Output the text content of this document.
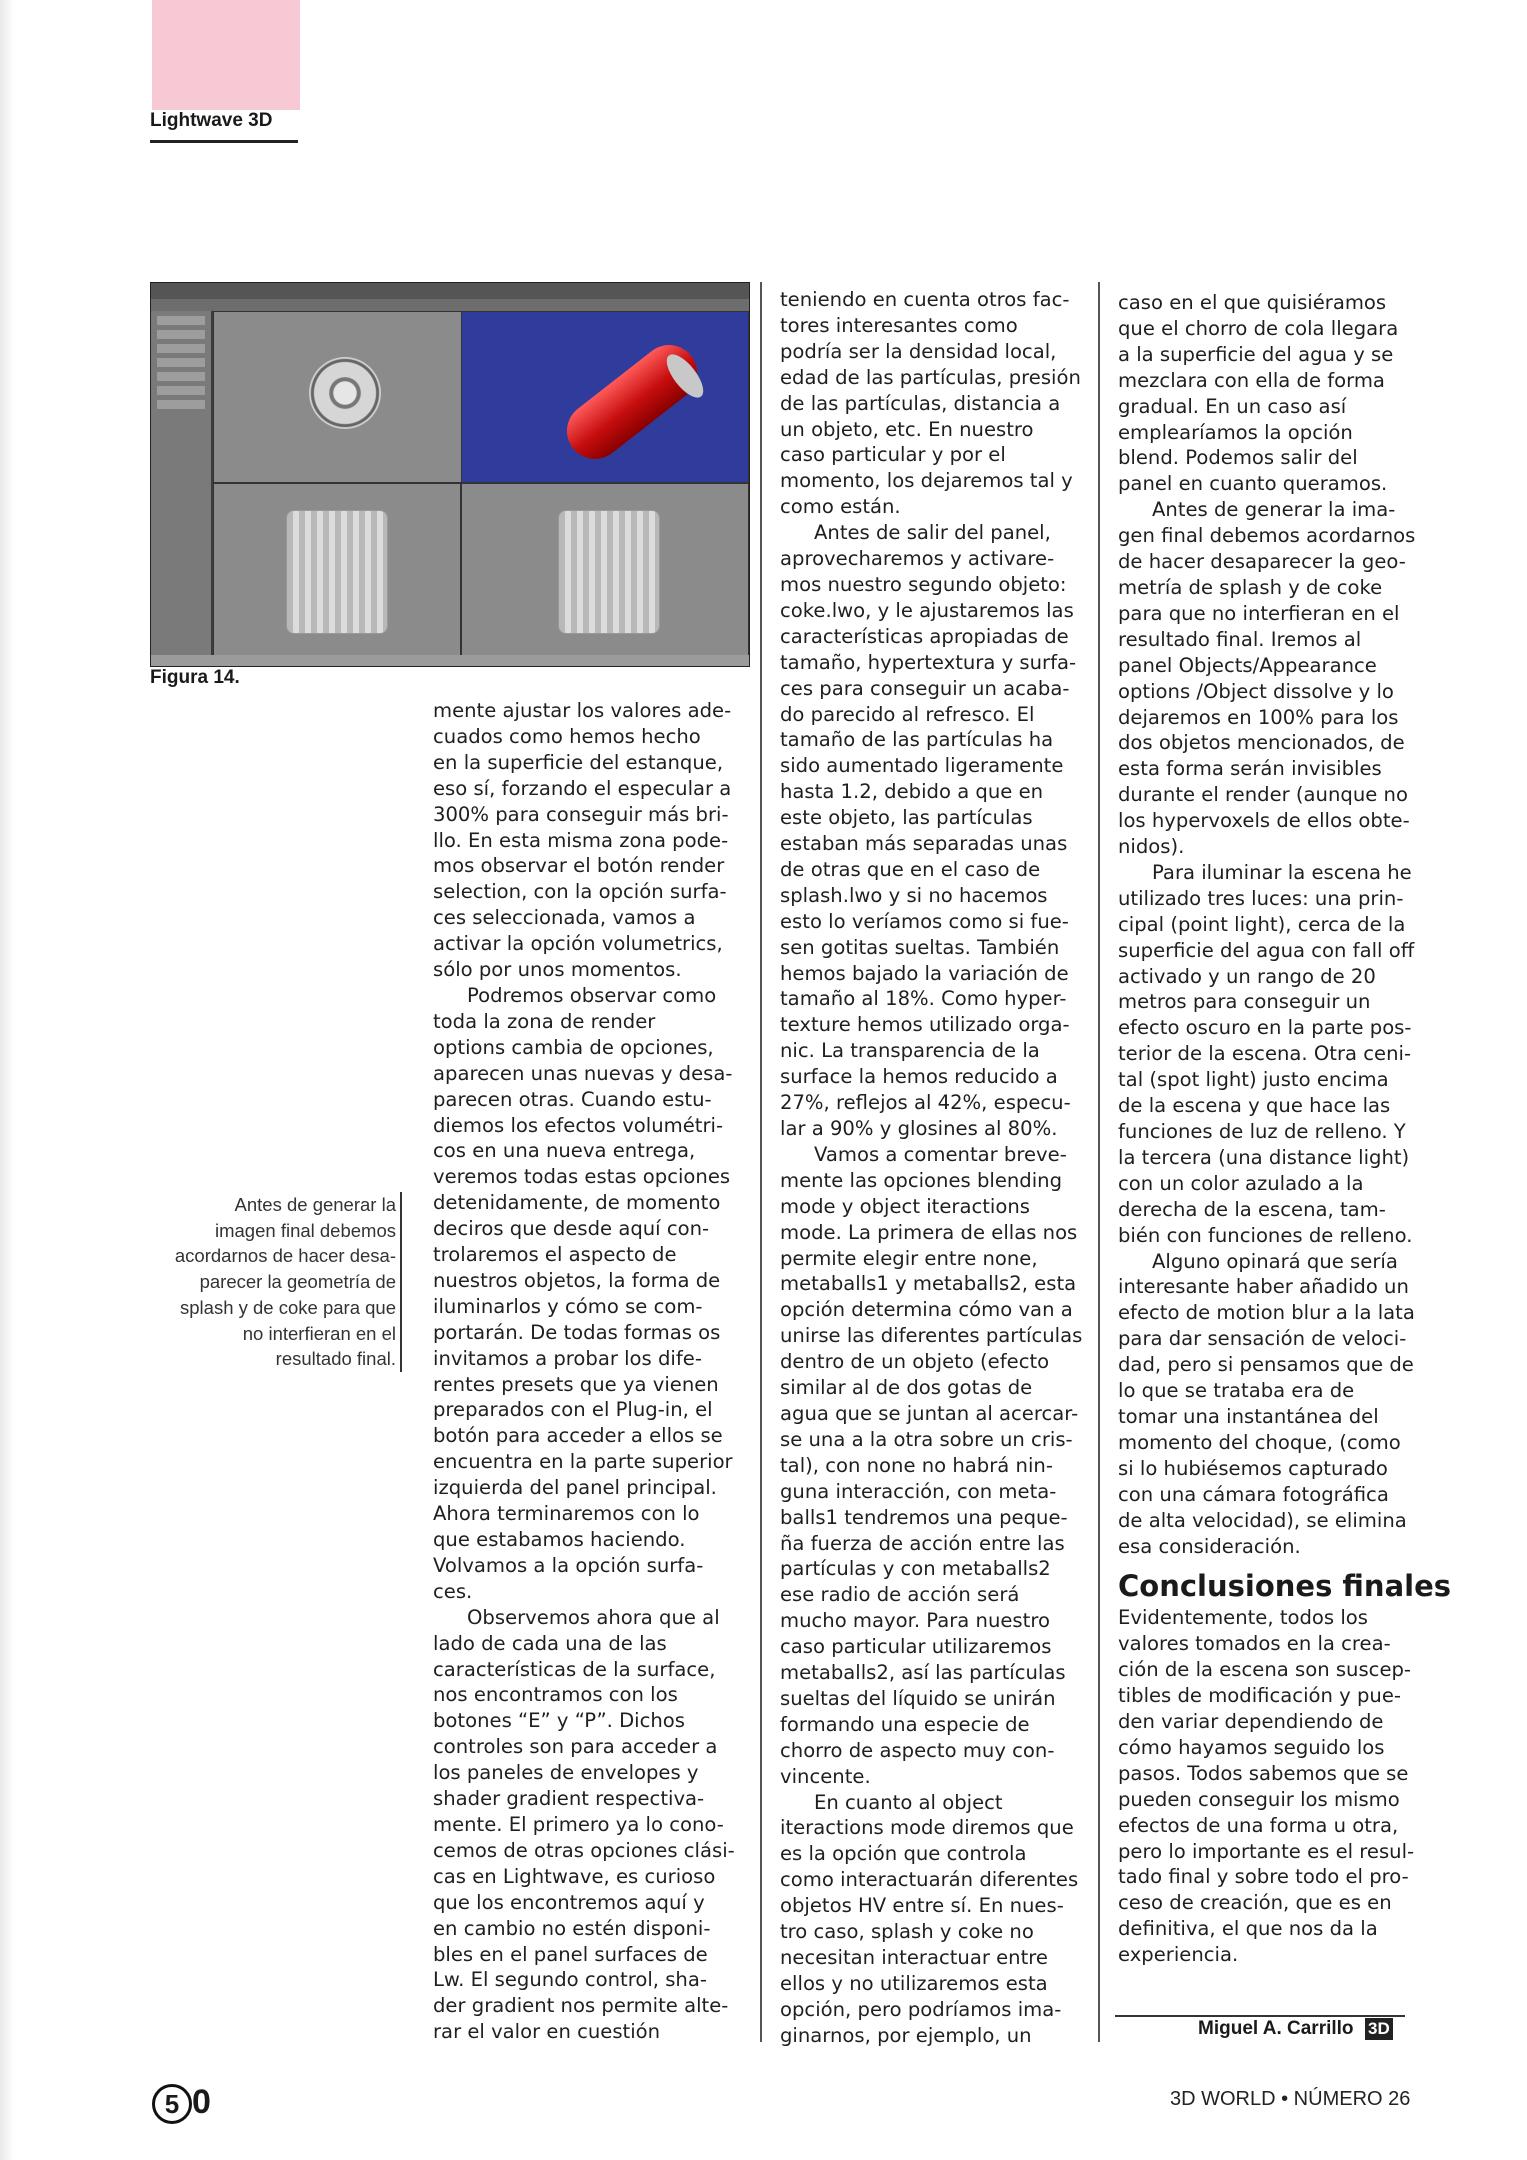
Lightwave 3D
Figura 14.
Antes de generar la
imagen final debemos
acordarnos de hacer desa-
parecer la geometría de
splash y de coke para que
no interfieran en el
resultado final.
mente ajustar los valores ade-
cuados como hemos hecho
en la superficie del estanque,
eso sí, forzando el especular a
300% para conseguir más bri-
llo. En esta misma zona pode-
mos observar el botón render
selection, con la opción surfa-
ces seleccionada, vamos a
activar la opción volumetrics,
sólo por unos momentos.
Podremos observar como
toda la zona de render
options cambia de opciones,
aparecen unas nuevas y desa-
parecen otras. Cuando estu-
diemos los efectos volumétri-
cos en una nueva entrega,
veremos todas estas opciones
detenidamente, de momento
deciros que desde aquí con-
trolaremos el aspecto de
nuestros objetos, la forma de
iluminarlos y cómo se com-
portarán. De todas formas os
invitamos a probar los dife-
rentes presets que ya vienen
preparados con el Plug-in, el
botón para acceder a ellos se
encuentra en la parte superior
izquierda del panel principal.
Ahora terminaremos con lo
que estabamos haciendo.
Volvamos a la opción surfa-
ces.
Observemos ahora que al
lado de cada una de las
características de la surface,
nos encontramos con los
botones “E” y “P”. Dichos
controles son para acceder a
los paneles de envelopes y
shader gradient respectiva-
mente. El primero ya lo cono-
cemos de otras opciones clási-
cas en Lightwave, es curioso
que los encontremos aquí y
en cambio no estén disponi-
bles en el panel surfaces de
Lw. El segundo control, sha-
der gradient nos permite alte-
rar el valor en cuestión
teniendo en cuenta otros fac-
tores interesantes como
podría ser la densidad local,
edad de las partículas, presión
de las partículas, distancia a
un objeto, etc. En nuestro
caso particular y por el
momento, los dejaremos tal y
como están.
Antes de salir del panel,
aprovecharemos y activare-
mos nuestro segundo objeto:
coke.lwo, y le ajustaremos las
características apropiadas de
tamaño, hypertextura y surfa-
ces para conseguir un acaba-
do parecido al refresco. El
tamaño de las partículas ha
sido aumentado ligeramente
hasta 1.2, debido a que en
este objeto, las partículas
estaban más separadas unas
de otras que en el caso de
splash.lwo y si no hacemos
esto lo veríamos como si fue-
sen gotitas sueltas. También
hemos bajado la variación de
tamaño al 18%. Como hyper-
texture hemos utilizado orga-
nic. La transparencia de la
surface la hemos reducido a
27%, reflejos al 42%, especu-
lar a 90% y glosines al 80%.
Vamos a comentar breve-
mente las opciones blending
mode y object iteractions
mode. La primera de ellas nos
permite elegir entre none,
metaballs1 y metaballs2, esta
opción determina cómo van a
unirse las diferentes partículas
dentro de un objeto (efecto
similar al de dos gotas de
agua que se juntan al acercar-
se una a la otra sobre un cris-
tal), con none no habrá nin-
guna interacción, con meta-
balls1 tendremos una peque-
ña fuerza de acción entre las
partículas y con metaballs2
ese radio de acción será
mucho mayor. Para nuestro
caso particular utilizaremos
metaballs2, así las partículas
sueltas del líquido se unirán
formando una especie de
chorro de aspecto muy con-
vincente.
En cuanto al object
iteractions mode diremos que
es la opción que controla
como interactuarán diferentes
objetos HV entre sí. En nues-
tro caso, splash y coke no
necesitan interactuar entre
ellos y no utilizaremos esta
opción, pero podríamos ima-
ginarnos, por ejemplo, un
caso en el que quisiéramos
que el chorro de cola llegara
a la superficie del agua y se
mezclara con ella de forma
gradual. En un caso así
emplearíamos la opción
blend. Podemos salir del
panel en cuanto queramos.
Antes de generar la ima-
gen final debemos acordarnos
de hacer desaparecer la geo-
metría de splash y de coke
para que no interfieran en el
resultado final. Iremos al
panel Objects/Appearance
options /Object dissolve y lo
dejaremos en 100% para los
dos objetos mencionados, de
esta forma serán invisibles
durante el render (aunque no
los hypervoxels de ellos obte-
nidos).
Para iluminar la escena he
utilizado tres luces: una prin-
cipal (point light), cerca de la
superficie del agua con fall off
activado y un rango de 20
metros para conseguir un
efecto oscuro en la parte pos-
terior de la escena. Otra ceni-
tal (spot light) justo encima
de la escena y que hace las
funciones de luz de relleno. Y
la tercera (una distance light)
con un color azulado a la
derecha de la escena, tam-
bién con funciones de relleno.
Alguno opinará que sería
interesante haber añadido un
efecto de motion blur a la lata
para dar sensación de veloci-
dad, pero si pensamos que de
lo que se trataba era de
tomar una instantánea del
momento del choque, (como
si lo hubiésemos capturado
con una cámara fotográfica
de alta velocidad), se elimina
esa consideración.
Conclusiones finales
Evidentemente, todos los
valores tomados en la crea-
ción de la escena son suscep-
tibles de modificación y pue-
den variar dependiendo de
cómo hayamos seguido los
pasos. Todos sabemos que se
pueden conseguir los mismo
efectos de una forma u otra,
pero lo importante es el resul-
tado final y sobre todo el pro-
ceso de creación, que es en
definitiva, el que nos da la
experiencia.
Miguel A. Carrillo 3D
5 0	3D WORLD • NÚMERO 26
